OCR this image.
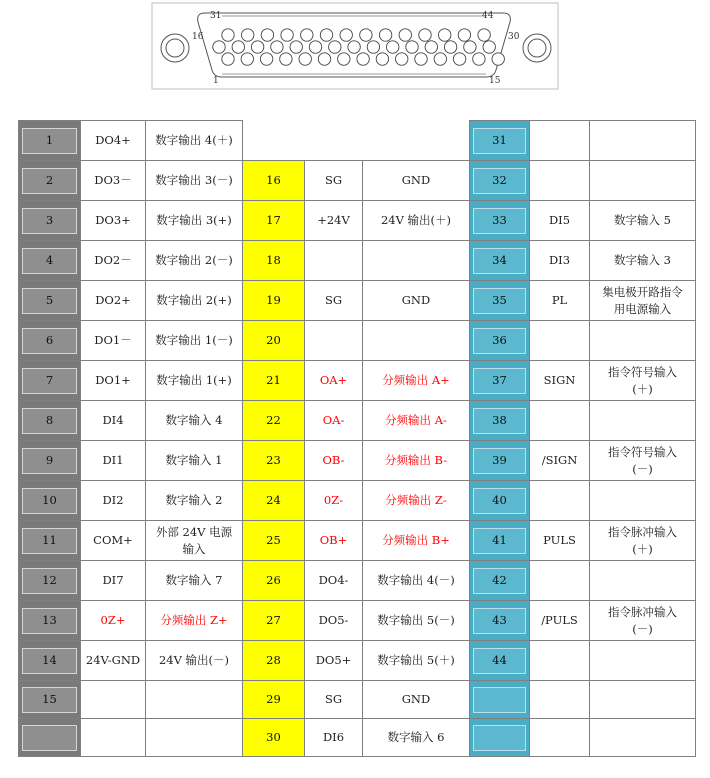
31	44
16	30
1	15
1	DO4+	数字输出 4(＋)				31		

2	DO3－	数字输出 3(－)	16	SG	GND	32		

3	DO3+	数字输出 3(+)	17	+24V	24V 输出(＋)	33	DI5	数字输入 5

4	DO2－	数字输出 2(－)	18			34	DI3	数字输入 3

5	DO2+	数字输出 2(+)	19	SG	GND	35	PL	集电极开路指令
用电源输入

6	DO1－	数字输出 1(－)	20			36		

7	DO1+	数字输出 1(+)	21	OA+	分频输出 A+	37	SIGN	指令符号输入
(＋)

8	DI4	数字输入 4	22	OA-	分频输出 A-	38		

9	DI1	数字输入 1	23	OB-	分频输出 B-	39	/SIGN	指令符号输入
(－)

10	DI2	数字输入 2	24	0Z-	分频输出 Z-	40		

11	COM+	外部 24V 电源
输入	25	OB+	分频输出 B+	41	PULS	指令脉冲输入
(＋)

12	DI7	数字输入 7	26	DO4-	数字输出 4(－)	42		

13	0Z+	分频输出 Z+	27	DO5-	数字输出 5(－)	43	/PULS	指令脉冲输入
(－)

14	24V-GND	24V 输出(－)	28	DO5+	数字输出 5(＋)	44		

15			29	SG	GND	

			30	DI6	数字输入 6	
